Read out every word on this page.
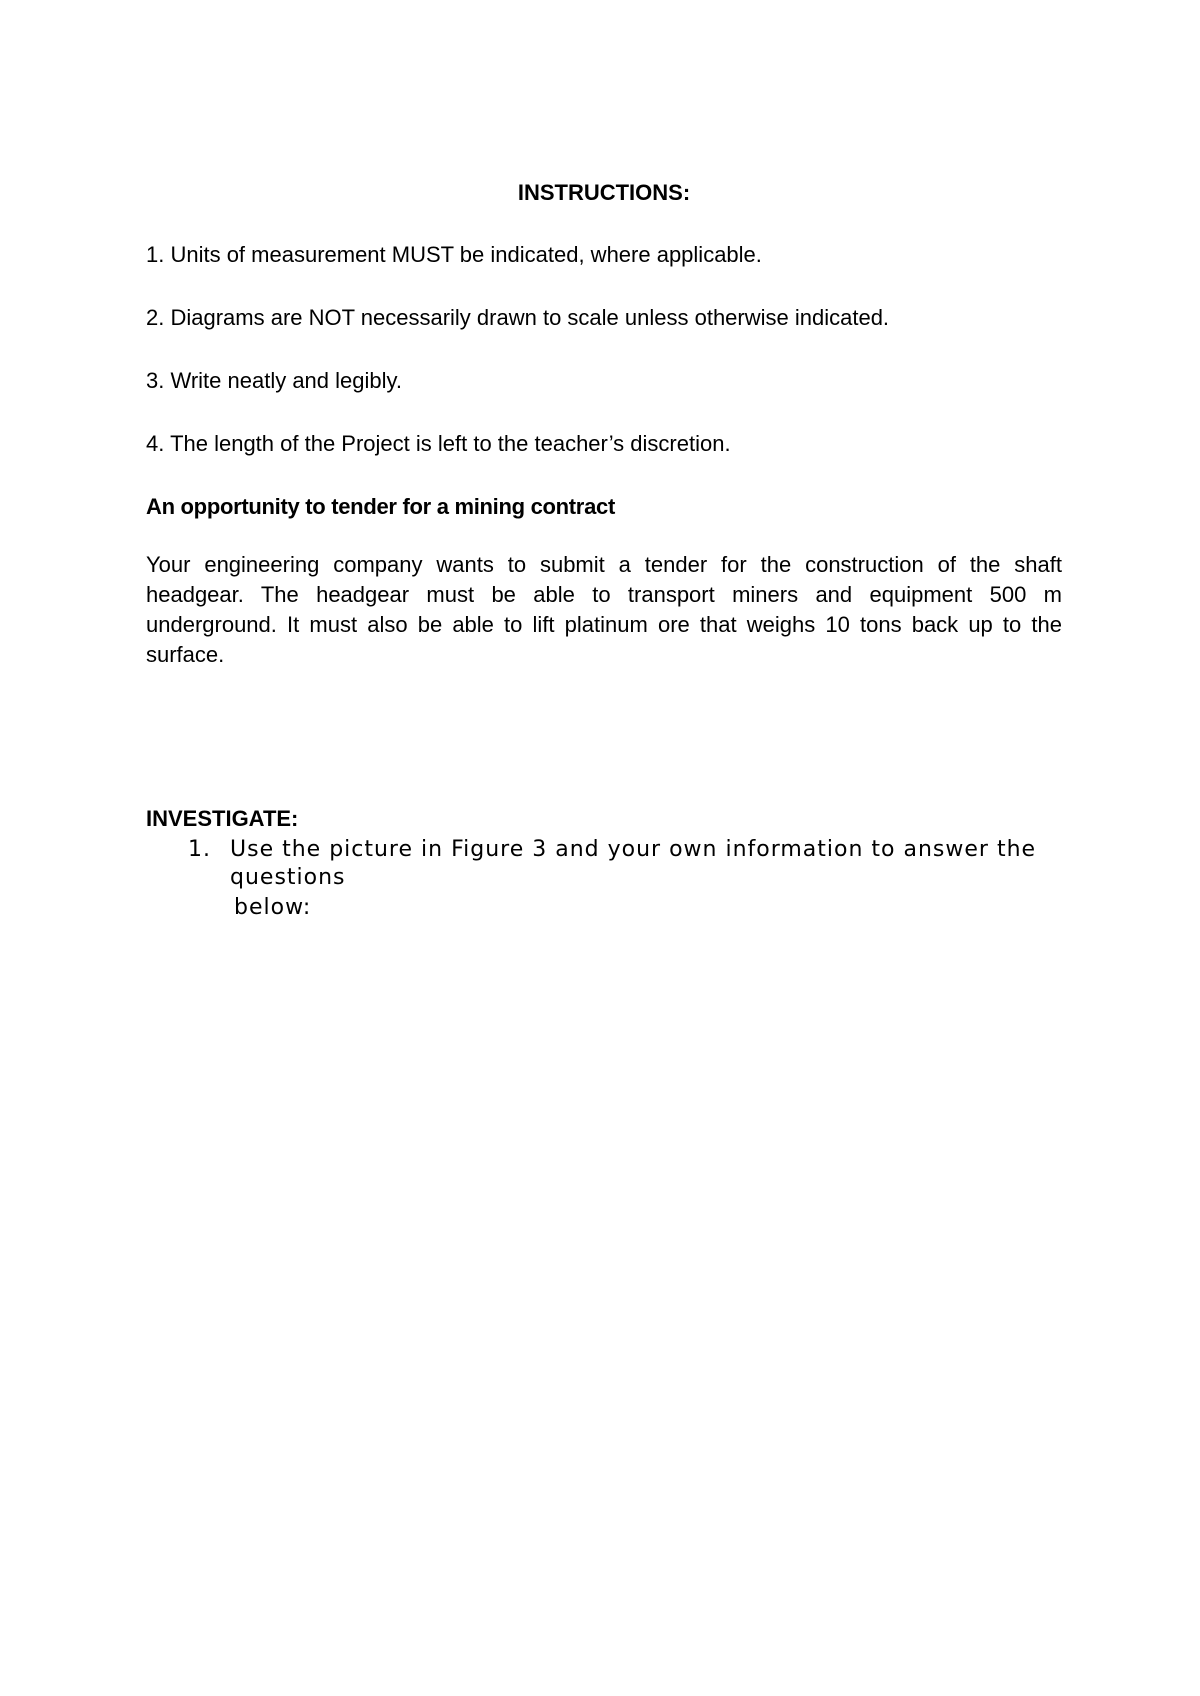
INSTRUCTIONS:
1. Units of measurement MUST be indicated, where applicable.
2. Diagrams are NOT necessarily drawn to scale unless otherwise indicated.
3. Write neatly and legibly.
4. The length of the Project is left to the teacher’s discretion.
An opportunity to tender for a mining contract

Your engineering company wants to submit a tender for the construction of the shaft headgear. The headgear must be able to transport miners and equipment 500 m underground. It must also be able to lift platinum ore that weighs 10 tons back up to the surface.

INVESTIGATE:
1. Use the picture in Figure 3 and your own information to answer the questions
below:
